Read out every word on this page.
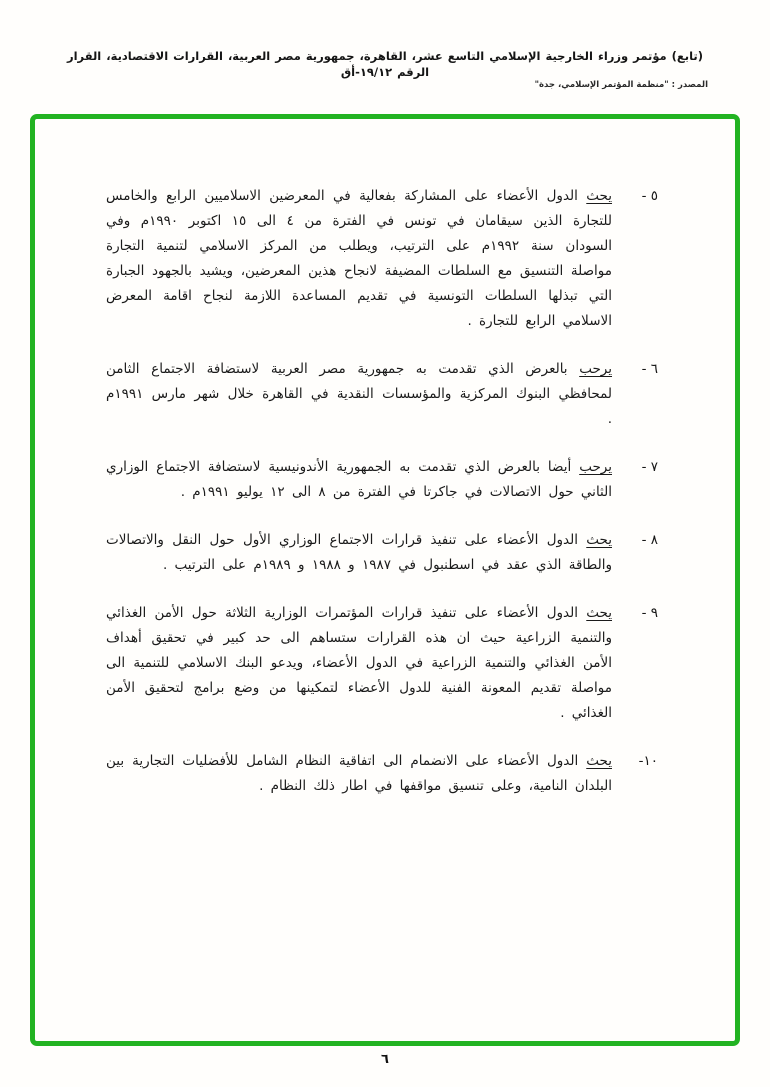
(تابع) مؤتمر وزراء الخارجية الإسلامي التاسع عشر، القاهرة، جمهورية مصر العربية، القرارات الاقتصادية، القرار الرقم ١٩/١٢-أق
المصدر : "منظمة المؤتمر الإسلامي، جدة"
٥ -
يحث الدول الأعضاء على المشاركة بفعالية في المعرضين الاسلاميين الرابع والخامس للتجارة الذين سيقامان في تونس في الفترة من ٤ الى ١٥ اكتوبر ١٩٩٠م وفي السودان سنة ١٩٩٢م على الترتيب، ويطلب من المركز الاسلامي لتنمية التجارة مواصلة التنسيق مع السلطات المضيفة لانجاح هذين المعرضين، ويشيد بالجهود الجبارة التي تبذلها السلطات التونسية في تقديم المساعدة اللازمة لنجاح اقامة المعرض الاسلامي الرابع للتجارة .
٦ -
يرحب بالعرض الذي تقدمت به جمهورية مصر العربية لاستضافة الاجتماع الثامن لمحافظي البنوك المركزية والمؤسسات النقدية في القاهرة خلال شهر مارس ١٩٩١م .
٧ -
يرحب أيضا بالعرض الذي تقدمت به الجمهورية الأندونيسية لاستضافة الاجتماع الوزاري الثاني حول الاتصالات في جاكرتا في الفترة من ٨ الى ١٢ يوليو ١٩٩١م .
٨ -
يحث الدول الأعضاء على تنفيذ قرارات الاجتماع الوزاري الأول حول النقل والاتصالات والطاقة الذي عقد في اسطنبول في ١٩٨٧ و ١٩٨٨ و ١٩٨٩م على الترتيب .
٩ -
يحث الدول الأعضاء على تنفيذ قرارات المؤتمرات الوزارية الثلاثة حول الأمن الغذائي والتنمية الزراعية حيث ان هذه القرارات ستساهم الى حد كبير في تحقيق أهداف الأمن الغذائي والتنمية الزراعية في الدول الأعضاء، ويدعو البنك الاسلامي للتنمية الى مواصلة تقديم المعونة الفنية للدول الأعضاء لتمكينها من وضع برامج لتحقيق الأمن الغذائي .
١٠-
يحث الدول الأعضاء على الانضمام الى اتفاقية النظام الشامل للأفضليات التجارية بين البلدان النامية، وعلى تنسيق مواقفها في اطار ذلك النظام .
٦
